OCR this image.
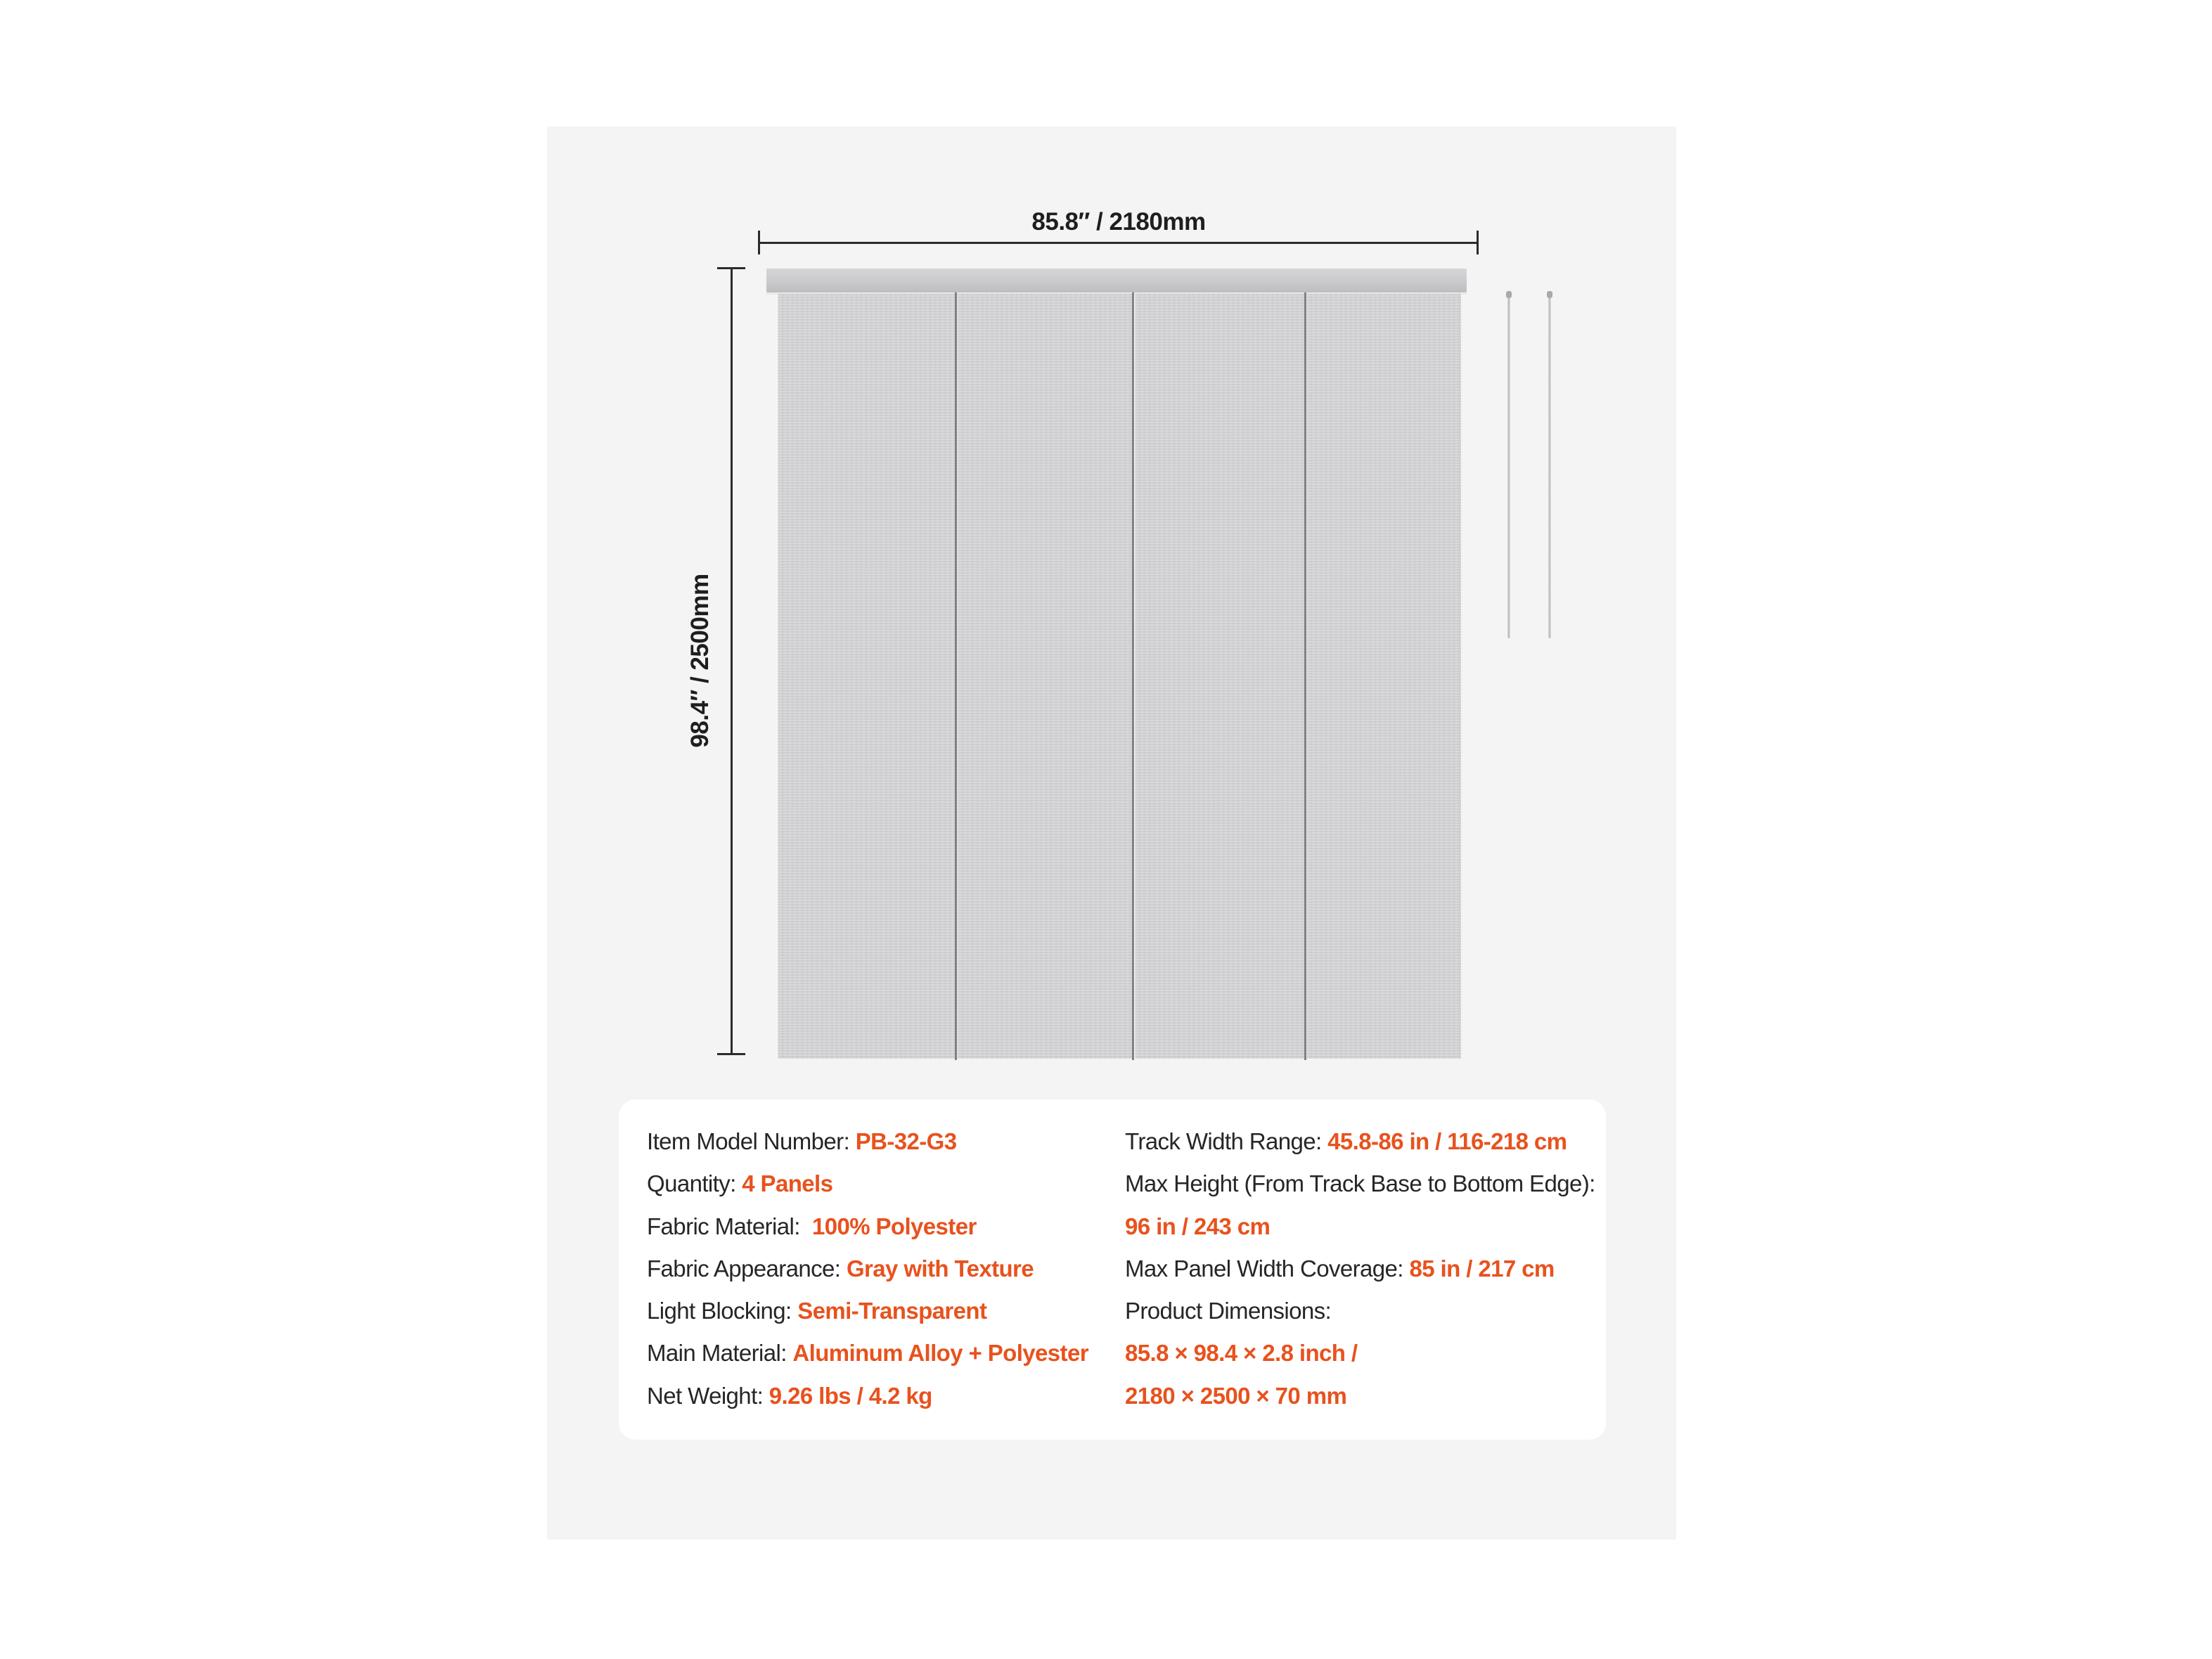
85.8″ / 2180mm
98.4″ / 2500mm
Item Model Number: PB-32-G3
Quantity: 4 Panels
Fabric Material:  100% Polyester
Fabric Appearance: Gray with Texture
Light Blocking: Semi-Transparent
Main Material: Aluminum Alloy + Polyester
Net Weight: 9.26 lbs / 4.2 kg
Track Width Range: 45.8-86 in / 116-218 cm
Max Height (From Track Base to Bottom Edge):
96 in / 243 cm
Max Panel Width Coverage: 85 in / 217 cm
Product Dimensions:
85.8 × 98.4 × 2.8 inch /
2180 × 2500 × 70 mm
